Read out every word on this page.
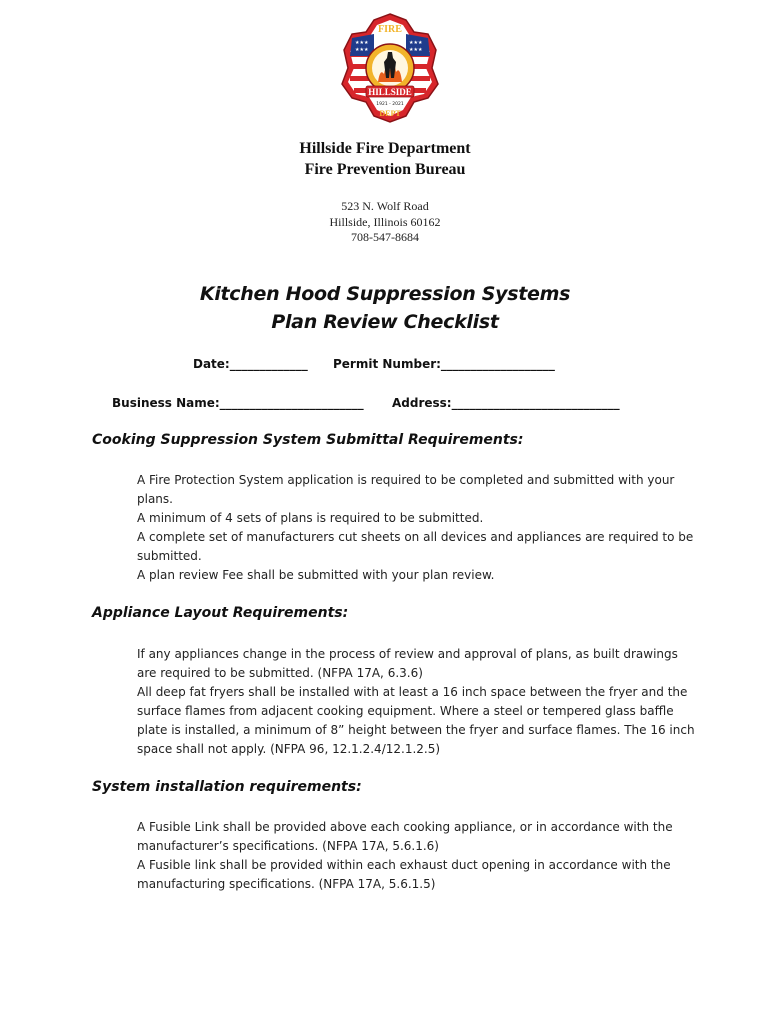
★★★
★★★
★★★
★★★
FIRE
HILLSIDE
1921 - 2021
DEPT
Hillside Fire Department
Fire Prevention Bureau
523 N. Wolf Road
Hillside, Illinois 60162
708-547-8684
Kitchen Hood Suppression Systems
Plan Review Checklist
Date:_____________ Permit Number:___________________
Business Name:________________________ Address:____________________________
Cooking Suppression System Submittal Requirements:

A Fire Protection System application is required to be completed and submitted with your plans.

A minimum of 4 sets of plans is required to be submitted.

A complete set of manufacturers cut sheets on all devices and appliances are required to be submitted.

A plan review Fee shall be submitted with your plan review.

Appliance Layout Requirements:

If any appliances change in the process of review and approval of plans, as built drawings are required to be submitted. (NFPA 17A, 6.3.6)

All deep fat fryers shall be installed with at least a 16 inch space between the fryer and the surface flames from adjacent cooking equipment. Where a steel or tempered glass baffle plate is installed, a minimum of 8” height between the fryer and surface flames. The 16 inch space shall not apply. (NFPA 96, 12.1.2.4/12.1.2.5)

System installation requirements:

A Fusible Link shall be provided above each cooking appliance, or in accordance with the manufacturer’s specifications. (NFPA 17A, 5.6.1.6)

A Fusible link shall be provided within each exhaust duct opening in accordance with the manufacturing specifications. (NFPA 17A, 5.6.1.5)
